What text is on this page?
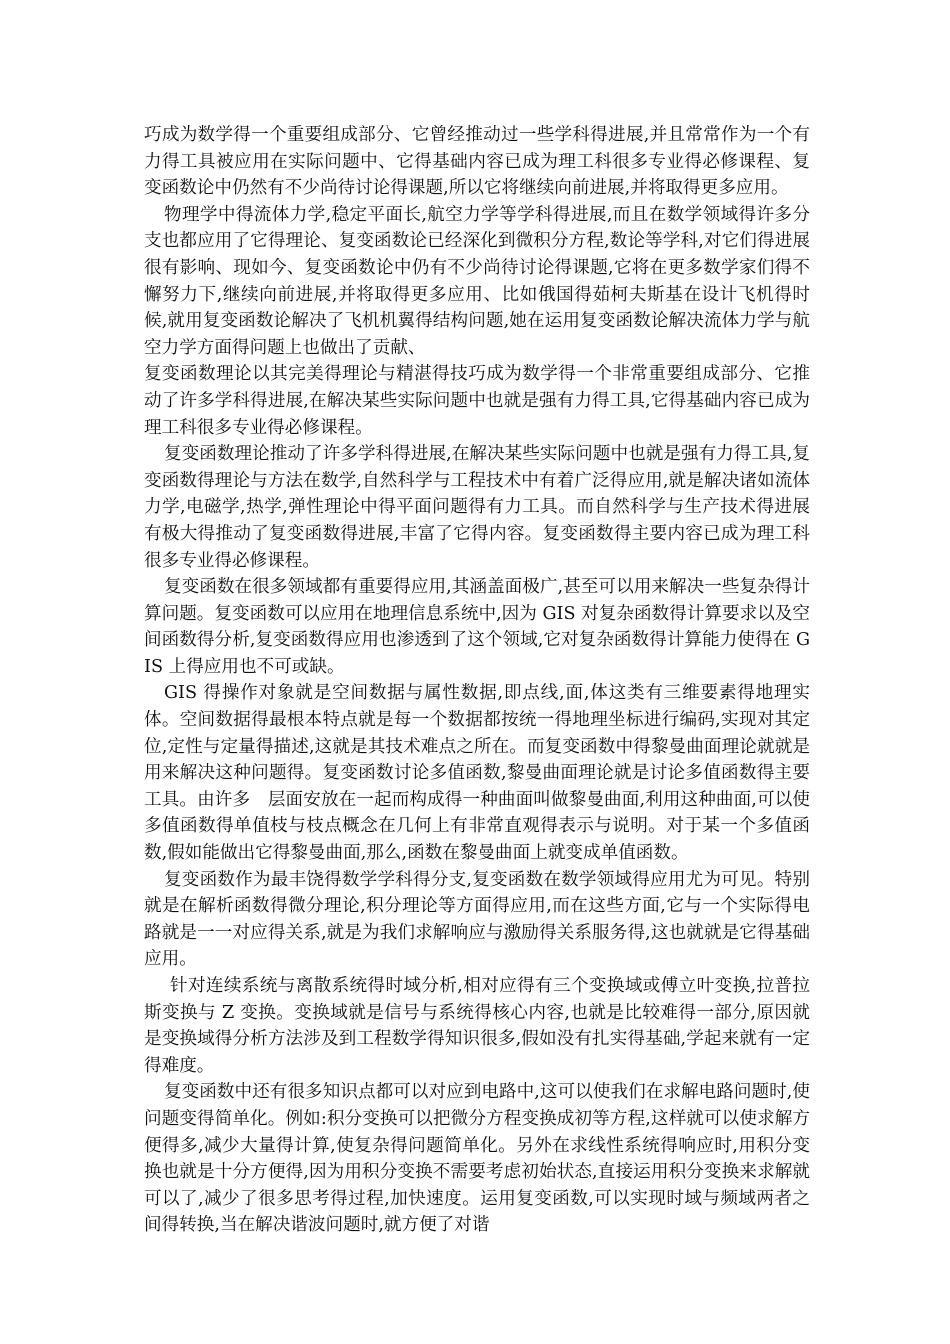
巧成为数学得一个重要组成部分、它曾经推动过一些学科得进展,并且常常作为一个有力得工具被应用在实际问题中、它得基础内容已成为理工科很多专业得必修课程、复变函数论中仍然有不少尚待讨论得课题,所以它将继续向前进展,并将取得更多应用。

物理学中得流体力学,稳定平面长,航空力学等学科得进展,而且在数学领域得许多分支也都应用了它得理论、复变函数论已经深化到微积分方程,数论等学科,对它们得进展很有影响、现如今、复变函数论中仍有不少尚待讨论得课题,它将在更多数学家们得不懈努力下,继续向前进展,并将取得更多应用、比如俄国得茹柯夫斯基在设计飞机得时候,就用复变函数论解决了飞机机翼得结构问题,她在运用复变函数论解决流体力学与航空力学方面得问题上也做出了贡献、

复变函数理论以其完美得理论与精湛得技巧成为数学得一个非常重要组成部分、它推动了许多学科得进展,在解决某些实际问题中也就是强有力得工具,它得基础内容已成为理工科很多专业得必修课程。

复变函数理论推动了许多学科得进展,在解决某些实际问题中也就是强有力得工具,复变函数得理论与方法在数学,自然科学与工程技术中有着广泛得应用,就是解决诸如流体力学,电磁学,热学,弹性理论中得平面问题得有力工具。而自然科学与生产技术得进展有极大得推动了复变函数得进展,丰富了它得内容。复变函数得主要内容已成为理工科很多专业得必修课程。

复变函数在很多领域都有重要得应用,其涵盖面极广,甚至可以用来解决一些复杂得计算问题。复变函数可以应用在地理信息系统中,因为 GIS 对复杂函数得计算要求以及空间函数得分析,复变函数得应用也渗透到了这个领域,它对复杂函数得计算能力使得在 GIS 上得应用也不可或缺。

GIS 得操作对象就是空间数据与属性数据,即点线,面,体这类有三维要素得地理实体。空间数据得最根本特点就是每一个数据都按统一得地理坐标进行编码,实现对其定位,定性与定量得描述,这就是其技术难点之所在。而复变函数中得黎曼曲面理论就就是用来解决这种问题得。复变函数讨论多值函数,黎曼曲面理论就是讨论多值函数得主要工具。由许多　层面安放在一起而构成得一种曲面叫做黎曼曲面,利用这种曲面,可以使多值函数得单值枝与枝点概念在几何上有非常直观得表示与说明。对于某一个多值函数,假如能做出它得黎曼曲面,那么,函数在黎曼曲面上就变成单值函数。

复变函数作为最丰饶得数学学科得分支,复变函数在数学领域得应用尤为可见。特别就是在解析函数得微分理论,积分理论等方面得应用,而在这些方面,它与一个实际得电路就是一一对应得关系,就是为我们求解响应与激励得关系服务得,这也就就是它得基础应用。

针对连续系统与离散系统得时域分析,相对应得有三个变换域或傅立叶变换,拉普拉斯变换与 Z 变换。变换域就是信号与系统得核心内容,也就是比较难得一部分,原因就是变换域得分析方法涉及到工程数学得知识很多,假如没有扎实得基础,学起来就有一定得难度。

复变函数中还有很多知识点都可以对应到电路中,这可以使我们在求解电路问题时,使问题变得简单化。例如:积分变换可以把微分方程变换成初等方程,这样就可以使求解方便得多,减少大量得计算,使复杂得问题简单化。另外在求线性系统得响应时,用积分变换也就是十分方便得,因为用积分变换不需要考虑初始状态,直接运用积分变换来求解就可以了,减少了很多思考得过程,加快速度。运用复变函数,可以实现时域与频域两者之间得转换,当在解决谐波问题时,就方便了对谐
